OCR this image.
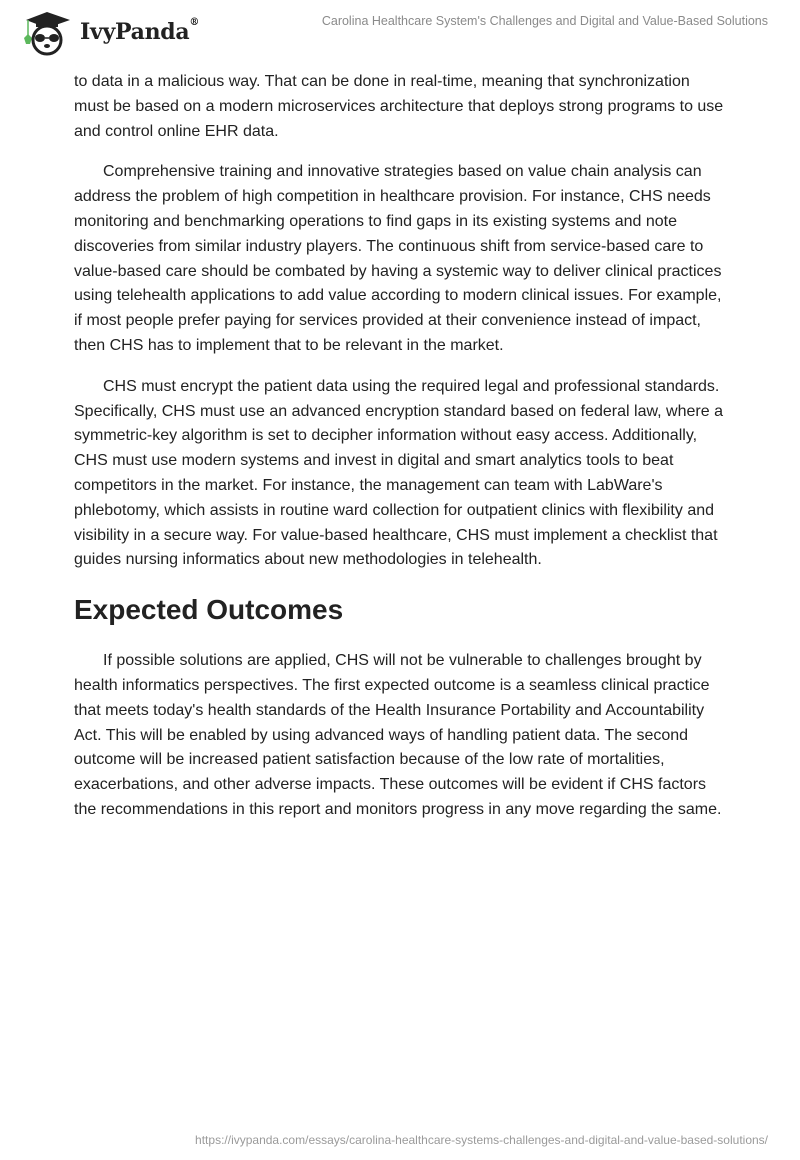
IvyPanda®	Carolina Healthcare System's Challenges and Digital and Value-Based Solutions

to data in a malicious way. That can be done in real-time, meaning that synchronization must be based on a modern microservices architecture that deploys strong programs to use and control online EHR data.

Comprehensive training and innovative strategies based on value chain analysis can address the problem of high competition in healthcare provision. For instance, CHS needs monitoring and benchmarking operations to find gaps in its existing systems and note discoveries from similar industry players. The continuous shift from service-based care to value-based care should be combated by having a systemic way to deliver clinical practices using telehealth applications to add value according to modern clinical issues. For example, if most people prefer paying for services provided at their convenience instead of impact, then CHS has to implement that to be relevant in the market.

CHS must encrypt the patient data using the required legal and professional standards. Specifically, CHS must use an advanced encryption standard based on federal law, where a symmetric-key algorithm is set to decipher information without easy access. Additionally, CHS must use modern systems and invest in digital and smart analytics tools to beat competitors in the market. For instance, the management can team with LabWare's phlebotomy, which assists in routine ward collection for outpatient clinics with flexibility and visibility in a secure way. For value-based healthcare, CHS must implement a checklist that guides nursing informatics about new methodologies in telehealth.

Expected Outcomes

If possible solutions are applied, CHS will not be vulnerable to challenges brought by health informatics perspectives. The first expected outcome is a seamless clinical practice that meets today's health standards of the Health Insurance Portability and Accountability Act. This will be enabled by using advanced ways of handling patient data. The second outcome will be increased patient satisfaction because of the low rate of mortalities, exacerbations, and other adverse impacts. These outcomes will be evident if CHS factors the recommendations in this report and monitors progress in any move regarding the same.

https://ivypanda.com/essays/carolina-healthcare-systems-challenges-and-digital-and-value-based-solutions/
